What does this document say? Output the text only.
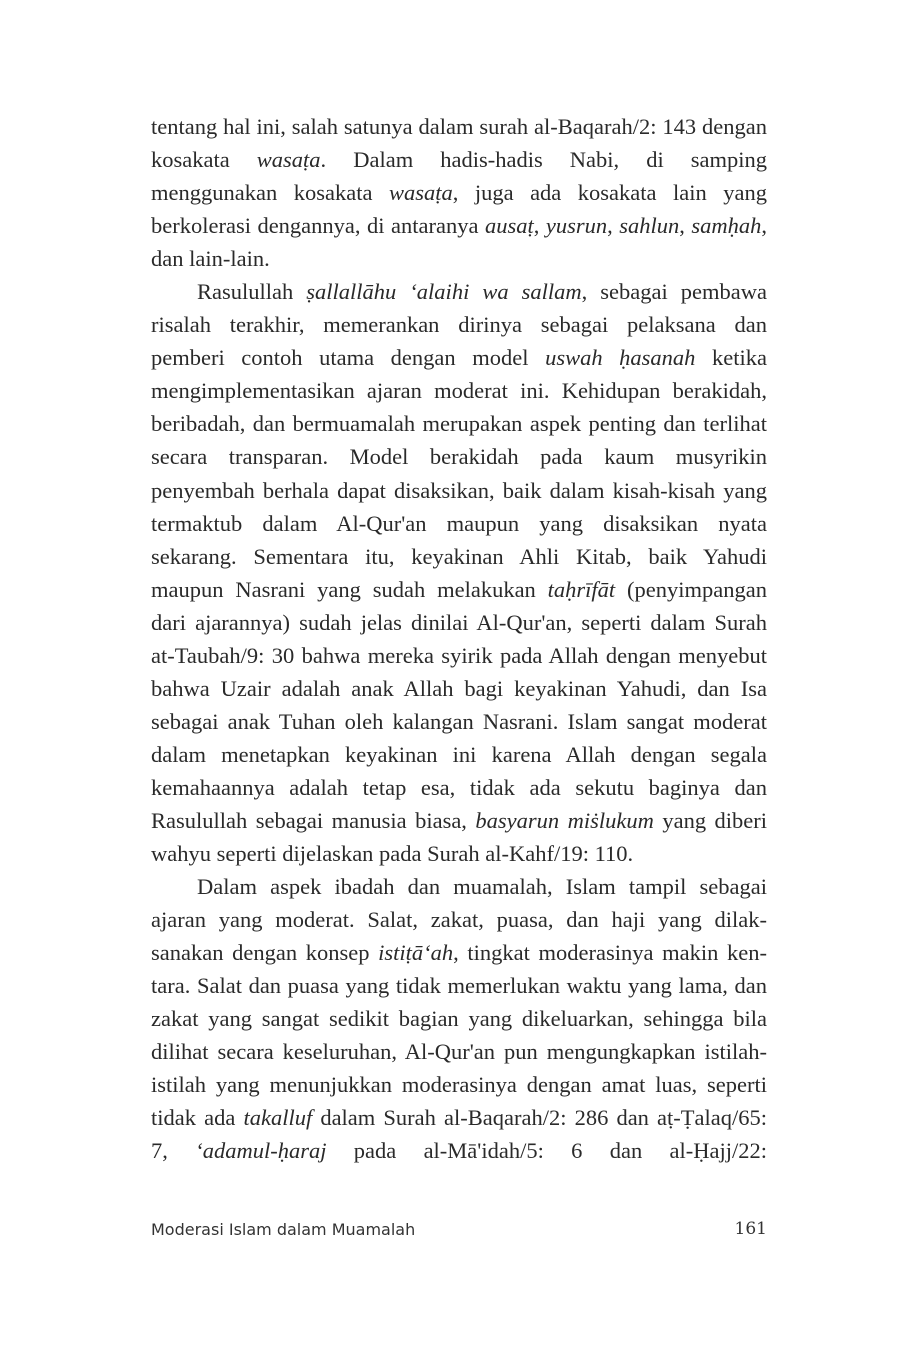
tentang hal ini, salah satunya dalam surah al-Baqarah/2: 143 dengan kosakata wasaṭa. Dalam hadis-hadis Nabi, di samping menggunakan kosakata wasaṭa, juga ada kosakata lain yang berkolerasi dengannya, di antaranya ausaṭ, yusrun, sahlun, samḥah, dan lain-lain.

Rasulullah ṣallallāhu ‘alaihi wa sallam, sebagai pembawa risalah terakhir, memerankan dirinya sebagai pelaksana dan pemberi contoh utama dengan model uswah ḥasanah ketika mengimplementasikan ajaran moderat ini. Kehidupan berakidah, beribadah, dan bermuamalah merupakan aspek penting dan terlihat secara transparan. Model berakidah pada kaum musyrikin penyembah berhala dapat disaksikan, baik dalam kisah-kisah yang termaktub dalam Al-Qur'an maupun yang disaksikan nyata sekarang. Sementara itu, keyakinan Ahli Kitab, baik Yahudi maupun Nasrani yang sudah melakukan taḥrīfāt (penyimpangan dari ajarannya) sudah jelas dinilai Al-Qur'an, seperti dalam Surah at-Taubah/9: 30 bahwa mereka syirik pada Allah dengan menyebut bahwa Uzair adalah anak Allah bagi keyakinan Yahudi, dan Isa sebagai anak Tuhan oleh kalangan Nasrani. Islam sangat moderat dalam menetapkan keyakinan ini karena Allah dengan segala kemahaannya adalah tetap esa, tidak ada sekutu baginya dan Rasulullah sebagai manusia biasa, basyarun miṡlukum yang diberi wahyu seperti dijelaskan pada Surah al-Kahf/19: 110.

Dalam aspek ibadah dan muamalah, Islam tampil sebagai ajaran yang moderat. Salat, zakat, puasa, dan haji yang dilaksanakan dengan konsep istiṭā‘ah, tingkat moderasinya makin kentara. Salat dan puasa yang tidak memerlukan waktu yang lama, dan zakat yang sangat sedikit bagian yang dikeluarkan, sehingga bila dilihat secara keseluruhan, Al-Qur'an pun mengungkapkan istilah-istilah yang menunjukkan moderasinya dengan amat luas, seperti tidak ada takalluf dalam Surah al-Baqarah/2: 286 dan aṭ-Ṭalaq/65: 7, ‘adamul-ḥaraj pada al-Mā'idah/5: 6 dan al-Ḥajj/22:

Moderasi Islam dalam Muamalah	161
